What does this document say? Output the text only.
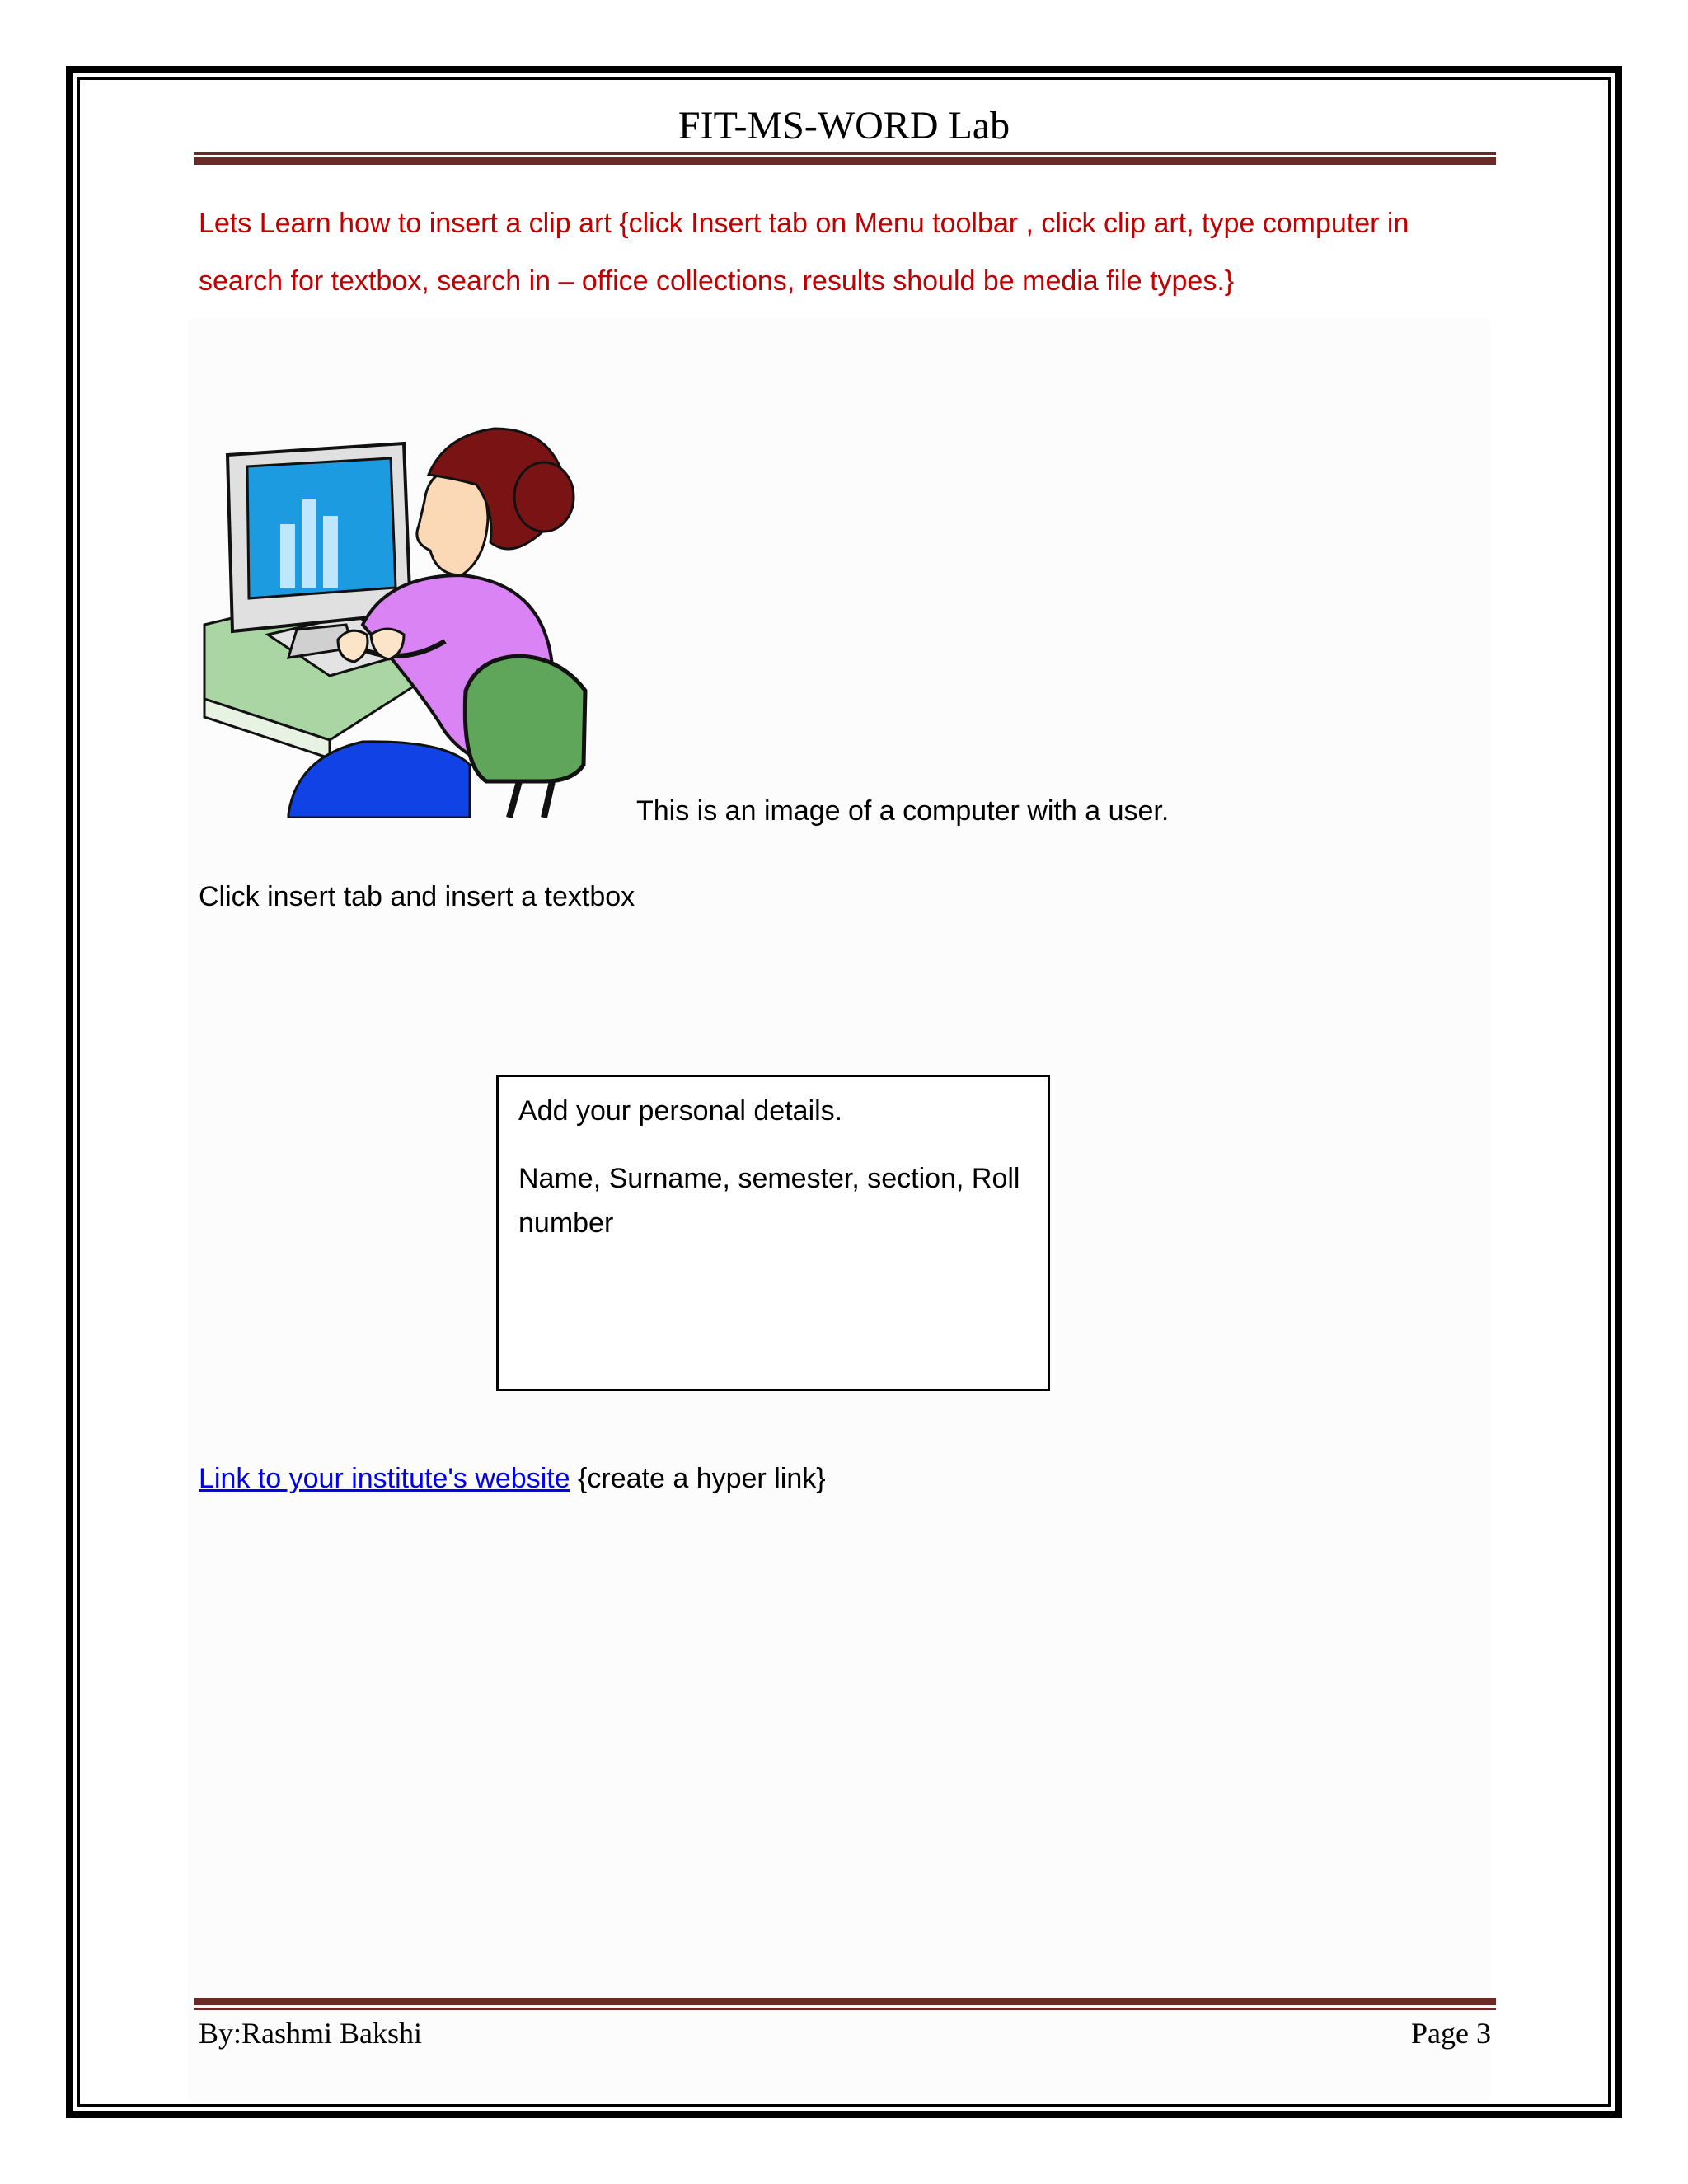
FIT-MS-WORD Lab

Lets Learn how to insert a clip art {click Insert tab on Menu toolbar , click clip art, type computer in

search for textbox, search in – office collections, results should be media file types.}

This is an image of a computer with a user.
Click insert tab and insert a textbox

Add your personal details.

Name, Surname, semester, section, Roll number

Link to your institute's website {create a hyper link}
By:Rashmi Bakshi	Page 3
